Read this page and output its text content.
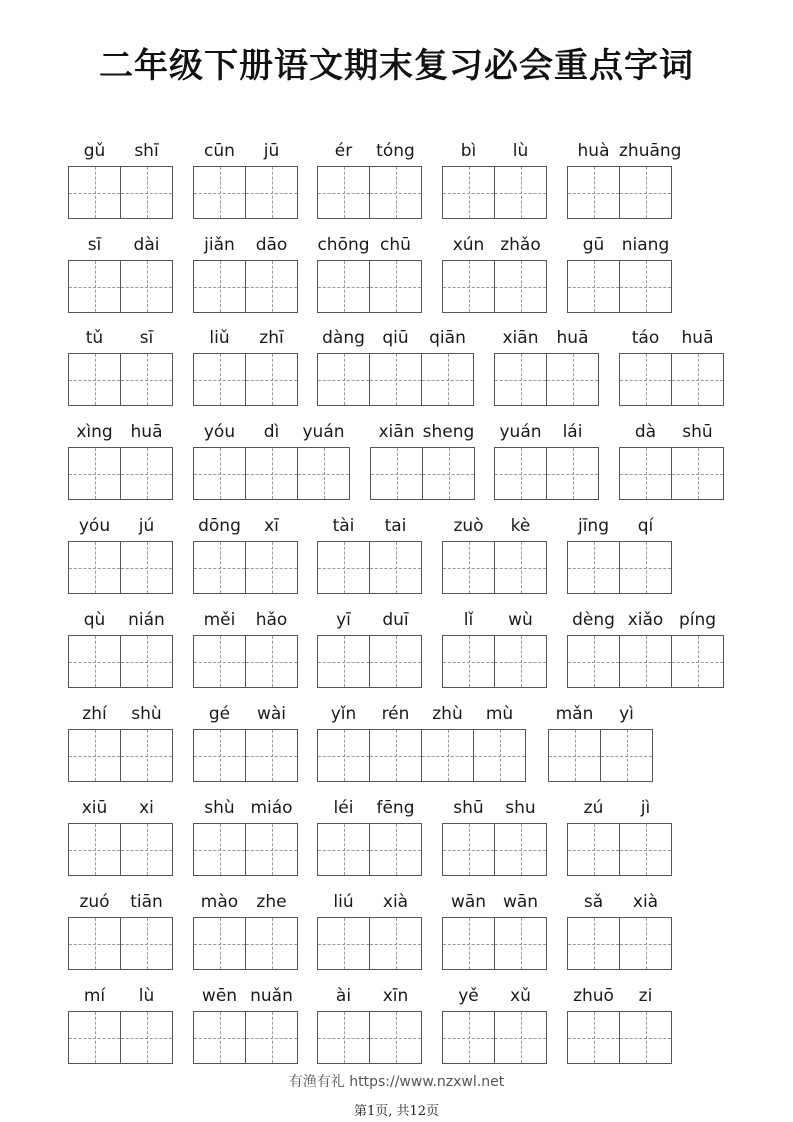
二年级下册语文期末复习必会重点字词
gǔ	shī	cūn	jū	ér	tóng	bì	lù	huà zhuāng
sī	dài	jiǎn	dāo	chōng chū	xún zhǎo	gū	niang
tǔ	sī	liǔ	zhī	dàng	qiū	qiān	xiān	huā	táo	huā
xìng	huā	yóu	dì	yuán	xiān sheng	yuán	lái	dà	shū
yóu	jú	dōng	xī	tài	tai	zuò	kè	jīng	qí
qù	nián	měi	hǎo	yī	duī	lǐ	wù	dèng xiǎo píng
zhí	shù	gé	wài	yǐn	rén	zhù	mù	mǎn	yì
xiū	xi	shù miáo	léi	fēng	shū	shu	zú	jì
zuó	tiān	mào	zhe	liú	xià	wān wān	sǎ	xià
mí	lù	wēn nuǎn	ài	xīn	yě	xǔ	zhuō	zi
有渔有礼 https://www.nzxwl.net
第1页, 共12页
